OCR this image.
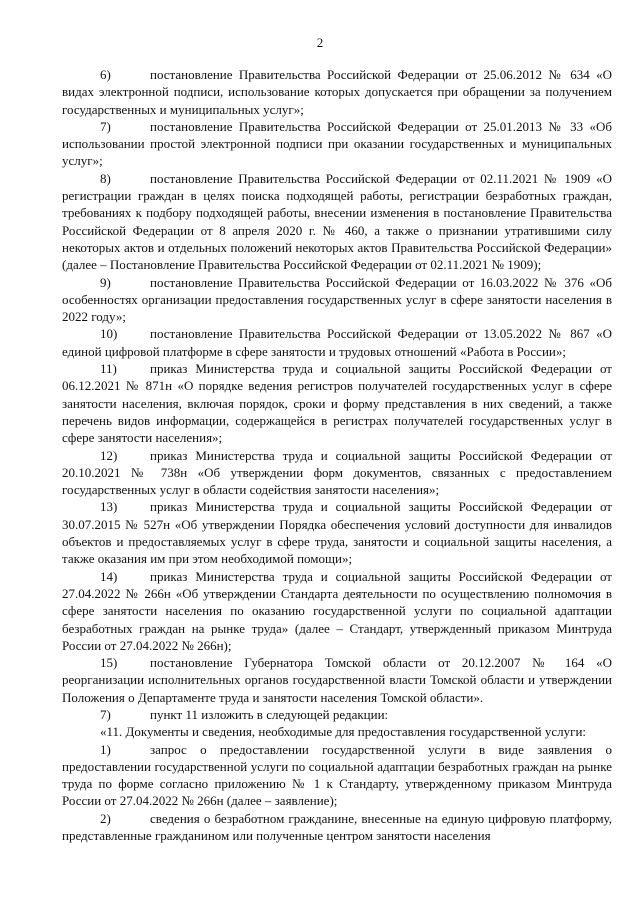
2

6)	постановление Правительства Российской Федерации от 25.06.2012 № 634 «О видах электронной подписи, использование которых допускается при обращении за получением государственных и муниципальных услуг»;

7)	постановление Правительства Российской Федерации от 25.01.2013 № 33 «Об использовании простой электронной подписи при оказании государственных и муниципальных услуг»;

8)	постановление Правительства Российской Федерации от 02.11.2021 № 1909 «О регистрации граждан в целях поиска подходящей работы, регистрации безработных граждан, требованиях к подбору подходящей работы, внесении изменения в постановление Правительства Российской Федерации от 8 апреля 2020 г. № 460, а также о признании утратившими силу некоторых актов и отдельных положений некоторых актов Правительства Российской Федерации» (далее – Постановление Правительства Российской Федерации от 02.11.2021 № 1909);

9)	постановление Правительства Российской Федерации от 16.03.2022 № 376 «Об особенностях организации предоставления государственных услуг в сфере занятости населения в 2022 году»;

10)	постановление Правительства Российской Федерации от 13.05.2022 № 867 «О единой цифровой платформе в сфере занятости и трудовых отношений «Работа в России»;

11)	приказ Министерства труда и социальной защиты Российской Федерации от 06.12.2021 № 871н «О порядке ведения регистров получателей государственных услуг в сфере занятости населения, включая порядок, сроки и форму представления в них сведений, а также перечень видов информации, содержащейся в регистрах получателей государственных услуг в сфере занятости населения»;

12)	приказ Министерства труда и социальной защиты Российской Федерации от 20.10.2021 № 738н «Об утверждении форм документов, связанных с предоставлением государственных услуг в области содействия занятости населения»;

13)	приказ Министерства труда и социальной защиты Российской Федерации от 30.07.2015 № 527н «Об утверждении Порядка обеспечения условий доступности для инвалидов объектов и предоставляемых услуг в сфере труда, занятости и социальной защиты населения, а также оказания им при этом необходимой помощи»;

14)	приказ Министерства труда и социальной защиты Российской Федерации от 27.04.2022 № 266н «Об утверждении Стандарта деятельности по осуществлению полномочия в сфере занятости населения по оказанию государственной услуги по социальной адаптации безработных граждан на рынке труда» (далее – Стандарт, утвержденный приказом Минтруда России от 27.04.2022 № 266н);

15)	постановление Губернатора Томской области от 20.12.2007 № 164 «О реорганизации исполнительных органов государственной власти Томской области и утверждении Положения о Департаменте труда и занятости населения Томской области».

7)	пункт 11 изложить в следующей редакции:

«11. Документы и сведения, необходимые для предоставления государственной услуги:

1)	запрос о предоставлении государственной услуги в виде заявления о предоставлении государственной услуги по социальной адаптации безработных граждан на рынке труда по форме согласно приложению № 1 к Стандарту, утвержденному приказом Минтруда России от 27.04.2022 № 266н (далее – заявление);

2)	сведения о безработном гражданине, внесенные на единую цифровую платформу, представленные гражданином или полученные центром занятости населения
